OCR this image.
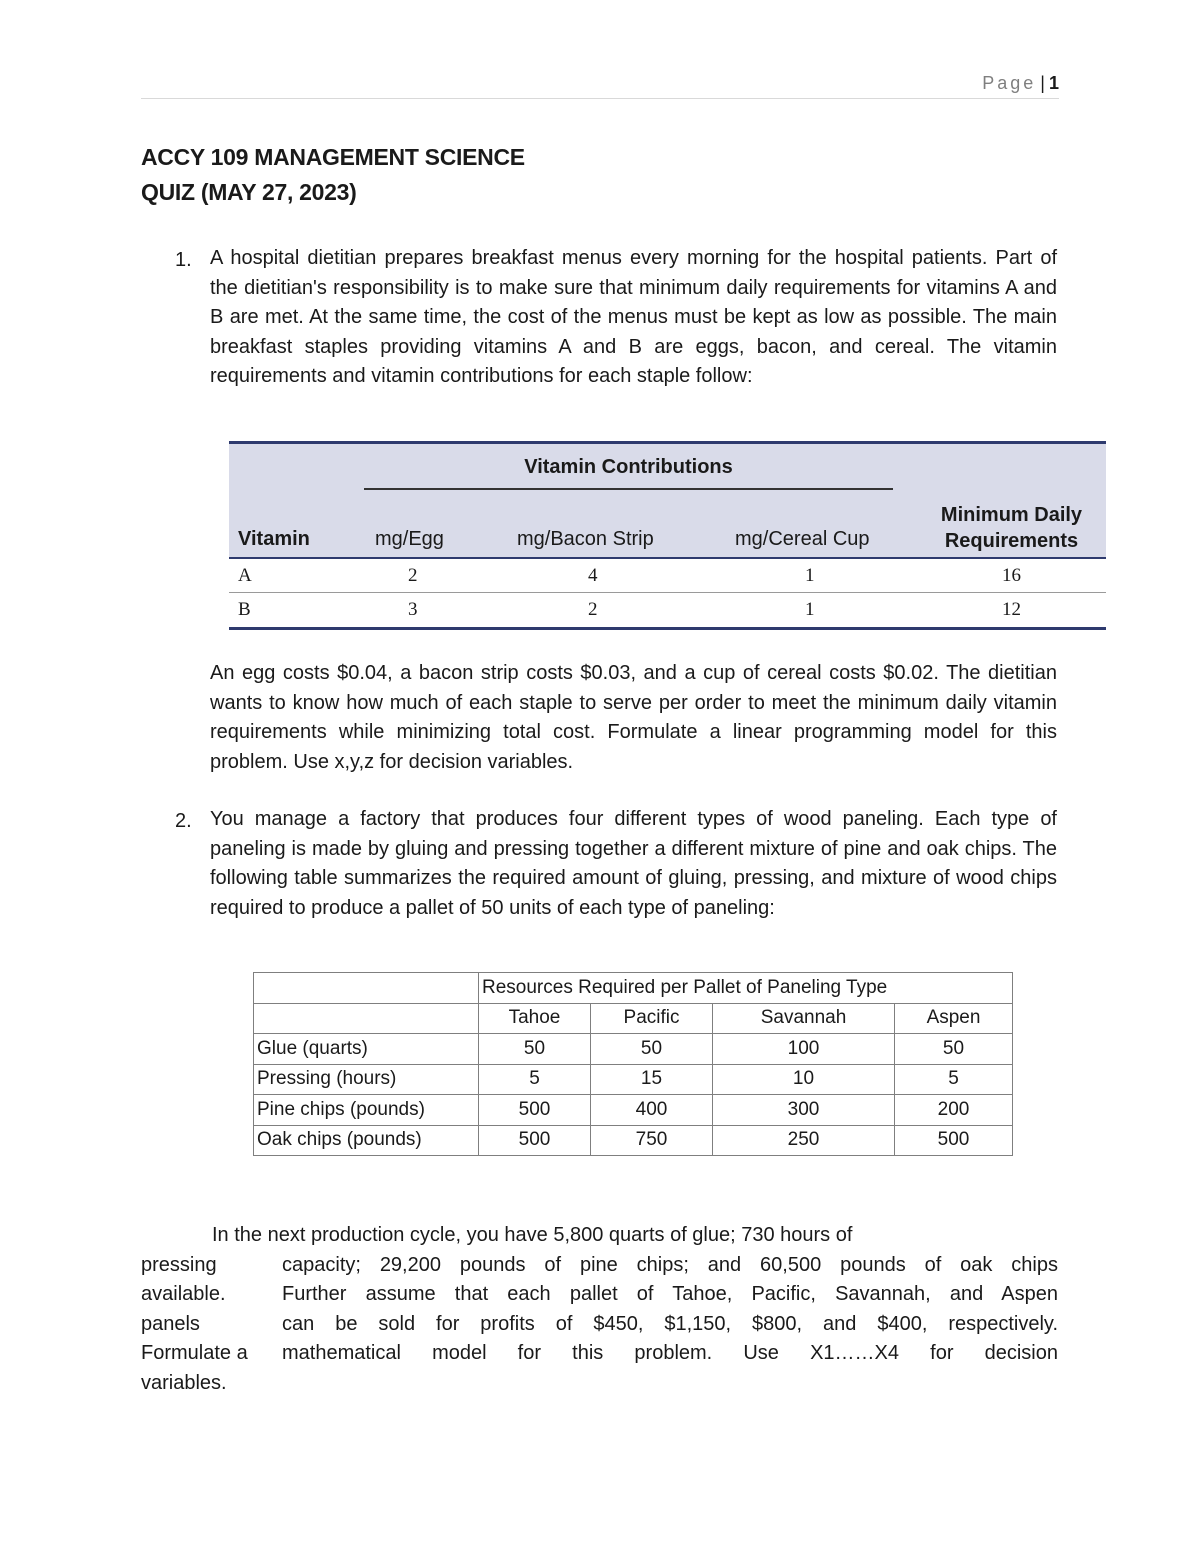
Page | 1
ACCY 109 MANAGEMENT SCIENCE
QUIZ (MAY 27, 2023)
1. A hospital dietitian prepares breakfast menus every morning for the hospital patients. Part of the dietitian's responsibility is to make sure that minimum daily requirements for vitamins A and B are met. At the same time, the cost of the menus must be kept as low as possible. The main breakfast staples providing vitamins A and B are eggs, bacon, and cereal. The vitamin requirements and vitamin contributions for each staple follow:
Vitamin Contributions
Vitamin	mg/Egg	mg/Bacon Strip	mg/Cereal Cup
Minimum Daily
Requirements
A	2	4	1	16
B	3	2	1	12
An egg costs $0.04, a bacon strip costs $0.03, and a cup of cereal costs $0.02. The dietitian wants to know how much of each staple to serve per order to meet the minimum daily vitamin requirements while minimizing total cost. Formulate a linear programming model for this problem. Use x,y,z for decision variables.
2. You manage a factory that produces four different types of wood paneling. Each type of paneling is made by gluing and pressing together a different mixture of pine and oak chips. The following table summarizes the required amount of gluing, pressing, and mixture of wood chips required to produce a pallet of 50 units of each type of paneling:
	Resources Required per Pallet of Paneling Type			
	Tahoe	Pacific	Savannah	Aspen
Glue (quarts)	50	50	100	50
Pressing (hours)	5	15	10	5
Pine chips (pounds)	500	400	300	200
Oak chips (pounds)	500	750	250	500
In the next production cycle, you have 5,800 quarts of glue; 730 hours of
pressing	capacity; 29,200 pounds of pine chips; and 60,500 pounds of oak chips
available.	Further assume that each pallet of Tahoe, Pacific, Savannah, and Aspen
panels	can be sold for profits of $450, $1,150, $800, and $400, respectively.
Formulate a	mathematical model for this problem. Use X1……X4 for decision
variables.
